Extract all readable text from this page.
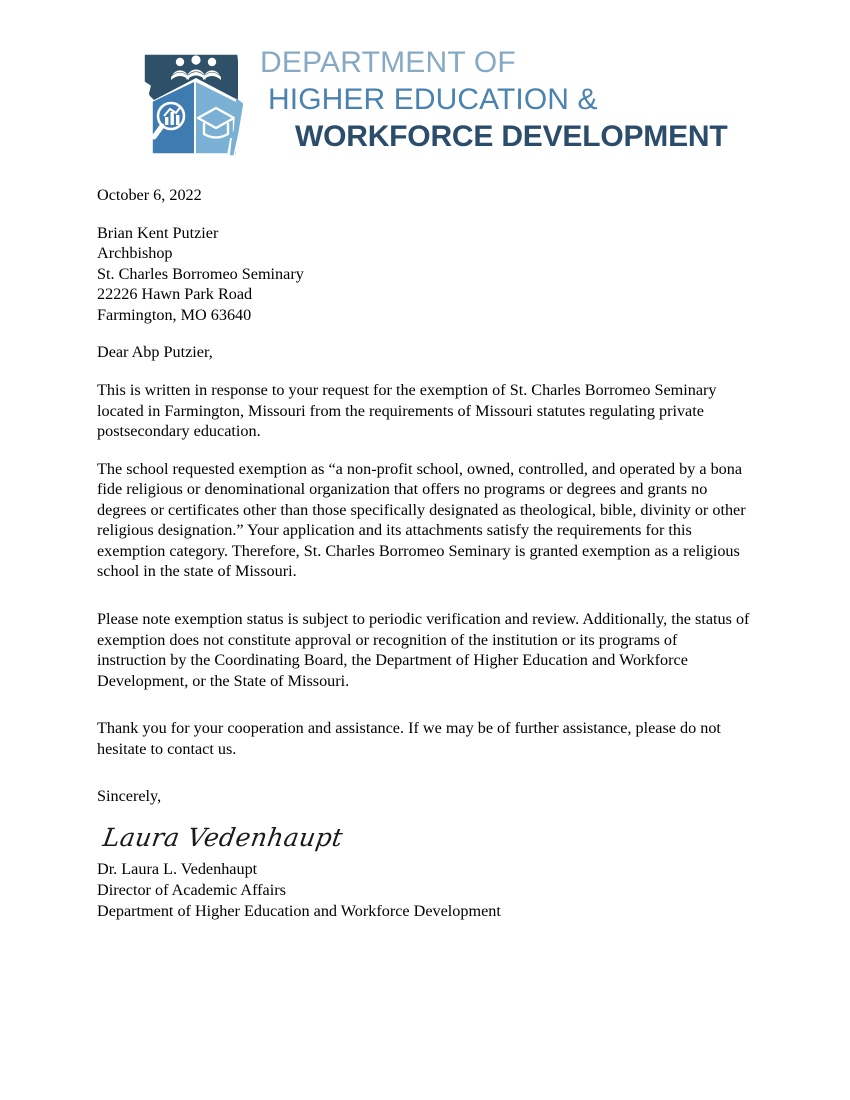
DEPARTMENT OF
HIGHER EDUCATION &
WORKFORCE DEVELOPMENT

October 6, 2022

Brian Kent Putzier
Archbishop
St. Charles Borromeo Seminary
22226 Hawn Park Road
Farmington, MO 63640

Dear Abp Putzier,

This is written in response to your request for the exemption of St. Charles Borromeo Seminary located in Farmington, Missouri from the requirements of Missouri statutes regulating private postsecondary education.

The school requested exemption as “a non-profit school, owned, controlled, and operated by a bona fide religious or denominational organization that offers no programs or degrees and grants no degrees or certificates other than those specifically designated as theological, bible, divinity or other religious designation.” Your application and its attachments satisfy the requirements for this exemption category. Therefore, St. Charles Borromeo Seminary is granted exemption as a religious school in the state of Missouri.

Please note exemption status is subject to periodic verification and review. Additionally, the status of exemption does not constitute approval or recognition of the institution or its programs of instruction by the Coordinating Board, the Department of Higher Education and Workforce Development, or the State of Missouri.

Thank you for your cooperation and assistance. If we may be of further assistance, please do not hesitate to contact us.

Sincerely,

Laura Vedenhaupt
Dr. Laura L. Vedenhaupt
Director of Academic Affairs
Department of Higher Education and Workforce Development
